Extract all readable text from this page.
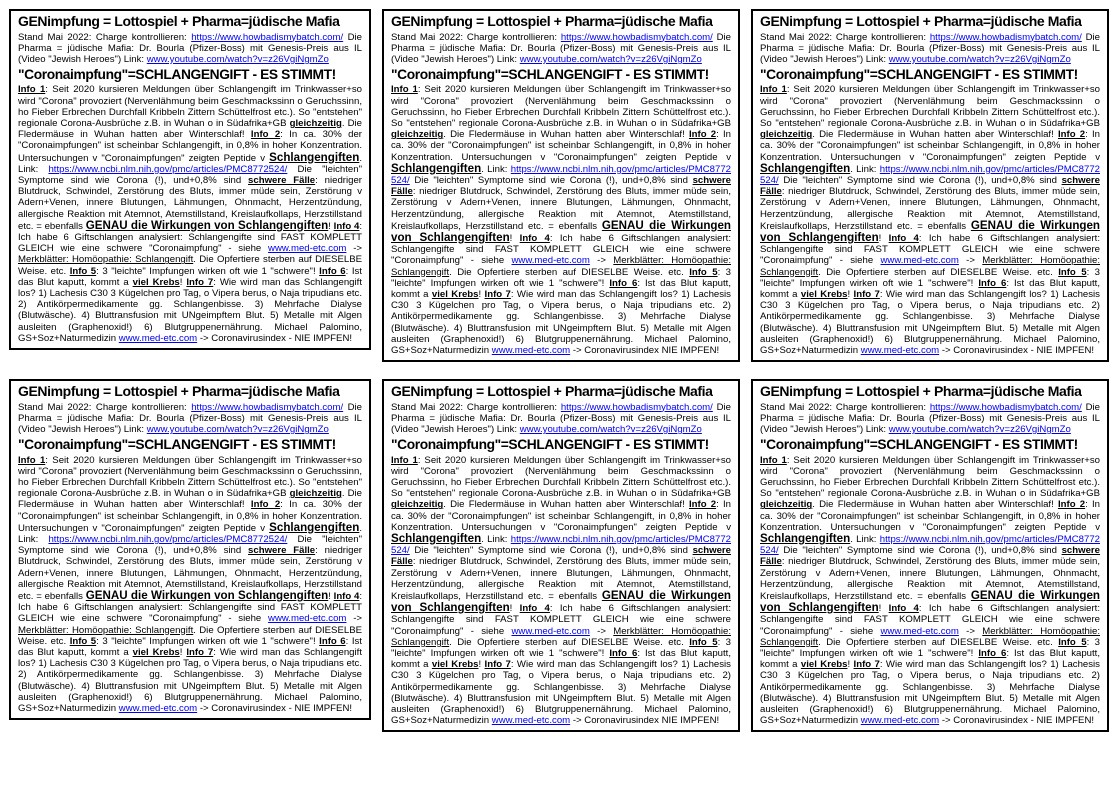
GENimpfung = Lottospiel + Pharma=jüdische Mafia

Stand Mai 2022: Charge kontrollieren: https://www.howbadismybatch.com/ Die Pharma = jüdische Mafia: Dr. Bourla (Pfizer-Boss) mit Genesis-Preis aus IL (Video "Jewish Heroes") Link: www.youtube.com/watch?v=z26VgiNgmZo

"Coronaimpfung"=SCHLANGENGIFT - ES STIMMT!

Info 1: Seit 2020 kursieren Meldungen über Schlangengift im Trinkwasser+so wird "Corona" provoziert (Nervenlähmung beim Geschmackssinn o Geruchssinn, ho Fieber Erbrechen Durchfall Kribbeln Zittern Schüttelfrost etc.). So "entstehen" regionale Corona-Ausbrüche z.B. in Wuhan o in Südafrika+GB gleichzeitig. Die Fledermäuse in Wuhan hatten aber Winterschlaf! Info 2: In ca. 30% der "Coronaimpfungen" ist scheinbar Schlangengift, in 0,8% in hoher Konzentration. Untersuchungen v "Coronaimpfungen" zeigten Peptide v Schlangengiften. Link: https://www.ncbi.nlm.nih.gov/pmc/articles/PMC8772524/ Die "leichten" Symptome sind wie Corona (!), und+0,8% sind schwere Fälle: niedriger Blutdruck, Schwindel, Zerstörung des Bluts, immer müde sein, Zerstörung v Adern+Venen, innere Blutungen, Lähmungen, Ohnmacht, Herzentzündung, allergische Reaktion mit Atemnot, Atemstillstand, Kreislaufkollaps, Herzstillstand etc. = ebenfalls GENAU die Wirkungen von Schlangengiften! Info 4: Ich habe 6 Giftschlangen analysiert: Schlangengifte sind FAST KOMPLETT GLEICH wie eine schwere "Coronaimpfung" - siehe www.med-etc.com -> Merkblätter: Homöopathie: Schlangengift. Die Opfertiere sterben auf DIESELBE Weise. etc. Info 5: 3 "leichte" Impfungen wirken oft wie 1 "schwere"! Info 6: Ist das Blut kaputt, kommt a viel Krebs! Info 7: Wie wird man das Schlangengift los? 1) Lachesis C30 3 Kügelchen pro Tag, o Vipera berus, o Naja tripudians etc. 2) Antikörpermedikamente gg. Schlangenbisse. 3) Mehrfache Dialyse (Blutwäsche). 4) Bluttransfusion mit UNgeimpftem Blut. 5) Metalle mit Algen ausleiten (Graphenoxid!) 6) Blutgruppenernährung. Michael Palomino, GS+Soz+Naturmedizin www.med-etc.com -> Coronavirusindex - NIE IMPFEN!

GENimpfung = Lottospiel + Pharma=jüdische Mafia

Stand Mai 2022: Charge kontrollieren: https://www.howbadismybatch.com/ Die Pharma = jüdische Mafia: Dr. Bourla (Pfizer-Boss) mit Genesis-Preis aus IL (Video "Jewish Heroes") Link: www.youtube.com/watch?v=z26VgiNgmZo

"Coronaimpfung"=SCHLANGENGIFT - ES STIMMT!

Info 1: Seit 2020 kursieren Meldungen über Schlangengift im Trinkwasser+so wird "Corona" provoziert (Nervenlähmung beim Geschmackssinn o Geruchssinn, ho Fieber Erbrechen Durchfall Kribbeln Zittern Schüttelfrost etc.). So "entstehen" regionale Corona-Ausbrüche z.B. in Wuhan o in Südafrika+GB gleichzeitig. Die Fledermäuse in Wuhan hatten aber Winterschlaf! Info 2: In ca. 30% der "Coronaimpfungen" ist scheinbar Schlangengift, in 0,8% in hoher Konzentration. Untersuchungen v "Coronaimpfungen" zeigten Peptide v Schlangengiften. Link: https://www.ncbi.nlm.nih.gov/pmc/articles/PMC8772524/ Die "leichten" Symptome sind wie Corona (!), und+0,8% sind schwere Fälle: niedriger Blutdruck, Schwindel, Zerstörung des Bluts, immer müde sein, Zerstörung v Adern+Venen, innere Blutungen, Lähmungen, Ohnmacht, Herzentzündung, allergische Reaktion mit Atemnot, Atemstillstand, Kreislaufkollaps, Herzstillstand etc. = ebenfalls GENAU die Wirkungen von Schlangengiften! Info 4: Ich habe 6 Giftschlangen analysiert: Schlangengifte sind FAST KOMPLETT GLEICH wie eine schwere "Coronaimpfung" - siehe www.med-etc.com -> Merkblätter: Homöopathie: Schlangengift. Die Opfertiere sterben auf DIESELBE Weise. etc. Info 5: 3 "leichte" Impfungen wirken oft wie 1 "schwere"! Info 6: Ist das Blut kaputt, kommt a viel Krebs! Info 7: Wie wird man das Schlangengift los? 1) Lachesis C30 3 Kügelchen pro Tag, o Vipera berus, o Naja tripudians etc. 2) Antikörpermedikamente gg. Schlangenbisse. 3) Mehrfache Dialyse (Blutwäsche). 4) Bluttransfusion mit UNgeimpftem Blut. 5) Metalle mit Algen ausleiten (Graphenoxid!) 6) Blutgruppenernährung. Michael Palomino, GS+Soz+Naturmedizin www.med-etc.com -> Coronavirusindex NIE IMPFEN!

GENimpfung = Lottospiel + Pharma=jüdische Mafia

Stand Mai 2022: Charge kontrollieren: https://www.howbadismybatch.com/ Die Pharma = jüdische Mafia: Dr. Bourla (Pfizer-Boss) mit Genesis-Preis aus IL (Video "Jewish Heroes") Link: www.youtube.com/watch?v=z26VgiNgmZo

"Coronaimpfung"=SCHLANGENGIFT - ES STIMMT!

Info 1: Seit 2020 kursieren Meldungen über Schlangengift im Trinkwasser+so wird "Corona" provoziert (Nervenlähmung beim Geschmackssinn o Geruchssinn, ho Fieber Erbrechen Durchfall Kribbeln Zittern Schüttelfrost etc.). So "entstehen" regionale Corona-Ausbrüche z.B. in Wuhan o in Südafrika+GB gleichzeitig. Die Fledermäuse in Wuhan hatten aber Winterschlaf! Info 2: In ca. 30% der "Coronaimpfungen" ist scheinbar Schlangengift, in 0,8% in hoher Konzentration. Untersuchungen v "Coronaimpfungen" zeigten Peptide v Schlangengiften. Link: https://www.ncbi.nlm.nih.gov/pmc/articles/PMC8772524/ Die "leichten" Symptome sind wie Corona (!), und+0,8% sind schwere Fälle: niedriger Blutdruck, Schwindel, Zerstörung des Bluts, immer müde sein, Zerstörung v Adern+Venen, innere Blutungen, Lähmungen, Ohnmacht, Herzentzündung, allergische Reaktion mit Atemnot, Atemstillstand, Kreislaufkollaps, Herzstillstand etc. = ebenfalls GENAU die Wirkungen von Schlangengiften! Info 4: Ich habe 6 Giftschlangen analysiert: Schlangengifte sind FAST KOMPLETT GLEICH wie eine schwere "Coronaimpfung" - siehe www.med-etc.com -> Merkblätter: Homöopathie: Schlangengift. Die Opfertiere sterben auf DIESELBE Weise. etc. Info 5: 3 "leichte" Impfungen wirken oft wie 1 "schwere"! Info 6: Ist das Blut kaputt, kommt a viel Krebs! Info 7: Wie wird man das Schlangengift los? 1) Lachesis C30 3 Kügelchen pro Tag, o Vipera berus, o Naja tripudians etc. 2) Antikörpermedikamente gg. Schlangenbisse. 3) Mehrfache Dialyse (Blutwäsche). 4) Bluttransfusion mit UNgeimpftem Blut. 5) Metalle mit Algen ausleiten (Graphenoxid!) 6) Blutgruppenernährung. Michael Palomino, GS+Soz+Naturmedizin www.med-etc.com -> Coronavirusindex - NIE IMPFEN!

GENimpfung = Lottospiel + Pharma=jüdische Mafia

Stand Mai 2022: Charge kontrollieren: https://www.howbadismybatch.com/ Die Pharma = jüdische Mafia: Dr. Bourla (Pfizer-Boss) mit Genesis-Preis aus IL (Video "Jewish Heroes") Link: www.youtube.com/watch?v=z26VgiNgmZo

"Coronaimpfung"=SCHLANGENGIFT - ES STIMMT!

Info 1: Seit 2020 kursieren Meldungen über Schlangengift im Trinkwasser+so wird "Corona" provoziert (Nervenlähmung beim Geschmackssinn o Geruchssinn, ho Fieber Erbrechen Durchfall Kribbeln Zittern Schüttelfrost etc.). So "entstehen" regionale Corona-Ausbrüche z.B. in Wuhan o in Südafrika+GB gleichzeitig. Die Fledermäuse in Wuhan hatten aber Winterschlaf! Info 2: In ca. 30% der "Coronaimpfungen" ist scheinbar Schlangengift, in 0,8% in hoher Konzentration. Untersuchungen v "Coronaimpfungen" zeigten Peptide v Schlangengiften. Link: https://www.ncbi.nlm.nih.gov/pmc/articles/PMC8772524/ Die "leichten" Symptome sind wie Corona (!), und+0,8% sind schwere Fälle: niedriger Blutdruck, Schwindel, Zerstörung des Bluts, immer müde sein, Zerstörung v Adern+Venen, innere Blutungen, Lähmungen, Ohnmacht, Herzentzündung, allergische Reaktion mit Atemnot, Atemstillstand, Kreislaufkollaps, Herzstillstand etc. = ebenfalls GENAU die Wirkungen von Schlangengiften! Info 4: Ich habe 6 Giftschlangen analysiert: Schlangengifte sind FAST KOMPLETT GLEICH wie eine schwere "Coronaimpfung" - siehe www.med-etc.com -> Merkblätter: Homöopathie: Schlangengift. Die Opfertiere sterben auf DIESELBE Weise. etc. Info 5: 3 "leichte" Impfungen wirken oft wie 1 "schwere"! Info 6: Ist das Blut kaputt, kommt a viel Krebs! Info 7: Wie wird man das Schlangengift los? 1) Lachesis C30 3 Kügelchen pro Tag, o Vipera berus, o Naja tripudians etc. 2) Antikörpermedikamente gg. Schlangenbisse. 3) Mehrfache Dialyse (Blutwäsche). 4) Bluttransfusion mit UNgeimpftem Blut. 5) Metalle mit Algen ausleiten (Graphenoxid!) 6) Blutgruppenernährung. Michael Palomino, GS+Soz+Naturmedizin www.med-etc.com -> Coronavirusindex - NIE IMPFEN!

GENimpfung = Lottospiel + Pharma=jüdische Mafia

Stand Mai 2022: Charge kontrollieren: https://www.howbadismybatch.com/ Die Pharma = jüdische Mafia: Dr. Bourla (Pfizer-Boss) mit Genesis-Preis aus IL (Video "Jewish Heroes") Link: www.youtube.com/watch?v=z26VgiNgmZo

"Coronaimpfung"=SCHLANGENGIFT - ES STIMMT!

Info 1: Seit 2020 kursieren Meldungen über Schlangengift im Trinkwasser+so wird "Corona" provoziert (Nervenlähmung beim Geschmackssinn o Geruchssinn, ho Fieber Erbrechen Durchfall Kribbeln Zittern Schüttelfrost etc.). So "entstehen" regionale Corona-Ausbrüche z.B. in Wuhan o in Südafrika+GB gleichzeitig. Die Fledermäuse in Wuhan hatten aber Winterschlaf! Info 2: In ca. 30% der "Coronaimpfungen" ist scheinbar Schlangengift, in 0,8% in hoher Konzentration. Untersuchungen v "Coronaimpfungen" zeigten Peptide v Schlangengiften. Link: https://www.ncbi.nlm.nih.gov/pmc/articles/PMC8772524/ Die "leichten" Symptome sind wie Corona (!), und+0,8% sind schwere Fälle: niedriger Blutdruck, Schwindel, Zerstörung des Bluts, immer müde sein, Zerstörung v Adern+Venen, innere Blutungen, Lähmungen, Ohnmacht, Herzentzündung, allergische Reaktion mit Atemnot, Atemstillstand, Kreislaufkollaps, Herzstillstand etc. = ebenfalls GENAU die Wirkungen von Schlangengiften! Info 4: Ich habe 6 Giftschlangen analysiert: Schlangengifte sind FAST KOMPLETT GLEICH wie eine schwere "Coronaimpfung" - siehe www.med-etc.com -> Merkblätter: Homöopathie: Schlangengift. Die Opfertiere sterben auf DIESELBE Weise. etc. Info 5: 3 "leichte" Impfungen wirken oft wie 1 "schwere"! Info 6: Ist das Blut kaputt, kommt a viel Krebs! Info 7: Wie wird man das Schlangengift los? 1) Lachesis C30 3 Kügelchen pro Tag, o Vipera berus, o Naja tripudians etc. 2) Antikörpermedikamente gg. Schlangenbisse. 3) Mehrfache Dialyse (Blutwäsche). 4) Bluttransfusion mit UNgeimpftem Blut. 5) Metalle mit Algen ausleiten (Graphenoxid!) 6) Blutgruppenernährung. Michael Palomino, GS+Soz+Naturmedizin www.med-etc.com -> Coronavirusindex NIE IMPFEN!

GENimpfung = Lottospiel + Pharma=jüdische Mafia

Stand Mai 2022: Charge kontrollieren: https://www.howbadismybatch.com/ Die Pharma = jüdische Mafia: Dr. Bourla (Pfizer-Boss) mit Genesis-Preis aus IL (Video "Jewish Heroes") Link: www.youtube.com/watch?v=z26VgiNgmZo

"Coronaimpfung"=SCHLANGENGIFT - ES STIMMT!

Info 1: Seit 2020 kursieren Meldungen über Schlangengift im Trinkwasser+so wird "Corona" provoziert (Nervenlähmung beim Geschmackssinn o Geruchssinn, ho Fieber Erbrechen Durchfall Kribbeln Zittern Schüttelfrost etc.). So "entstehen" regionale Corona-Ausbrüche z.B. in Wuhan o in Südafrika+GB gleichzeitig. Die Fledermäuse in Wuhan hatten aber Winterschlaf! Info 2: In ca. 30% der "Coronaimpfungen" ist scheinbar Schlangengift, in 0,8% in hoher Konzentration. Untersuchungen v "Coronaimpfungen" zeigten Peptide v Schlangengiften. Link: https://www.ncbi.nlm.nih.gov/pmc/articles/PMC8772524/ Die "leichten" Symptome sind wie Corona (!), und+0,8% sind schwere Fälle: niedriger Blutdruck, Schwindel, Zerstörung des Bluts, immer müde sein, Zerstörung v Adern+Venen, innere Blutungen, Lähmungen, Ohnmacht, Herzentzündung, allergische Reaktion mit Atemnot, Atemstillstand, Kreislaufkollaps, Herzstillstand etc. = ebenfalls GENAU die Wirkungen von Schlangengiften! Info 4: Ich habe 6 Giftschlangen analysiert: Schlangengifte sind FAST KOMPLETT GLEICH wie eine schwere "Coronaimpfung" - siehe www.med-etc.com -> Merkblätter: Homöopathie: Schlangengift. Die Opfertiere sterben auf DIESELBE Weise. etc. Info 5: 3 "leichte" Impfungen wirken oft wie 1 "schwere"! Info 6: Ist das Blut kaputt, kommt a viel Krebs! Info 7: Wie wird man das Schlangengift los? 1) Lachesis C30 3 Kügelchen pro Tag, o Vipera berus, o Naja tripudians etc. 2) Antikörpermedikamente gg. Schlangenbisse. 3) Mehrfache Dialyse (Blutwäsche). 4) Bluttransfusion mit UNgeimpftem Blut. 5) Metalle mit Algen ausleiten (Graphenoxid!) 6) Blutgruppenernährung. Michael Palomino, GS+Soz+Naturmedizin www.med-etc.com -> Coronavirusindex - NIE IMPFEN!
